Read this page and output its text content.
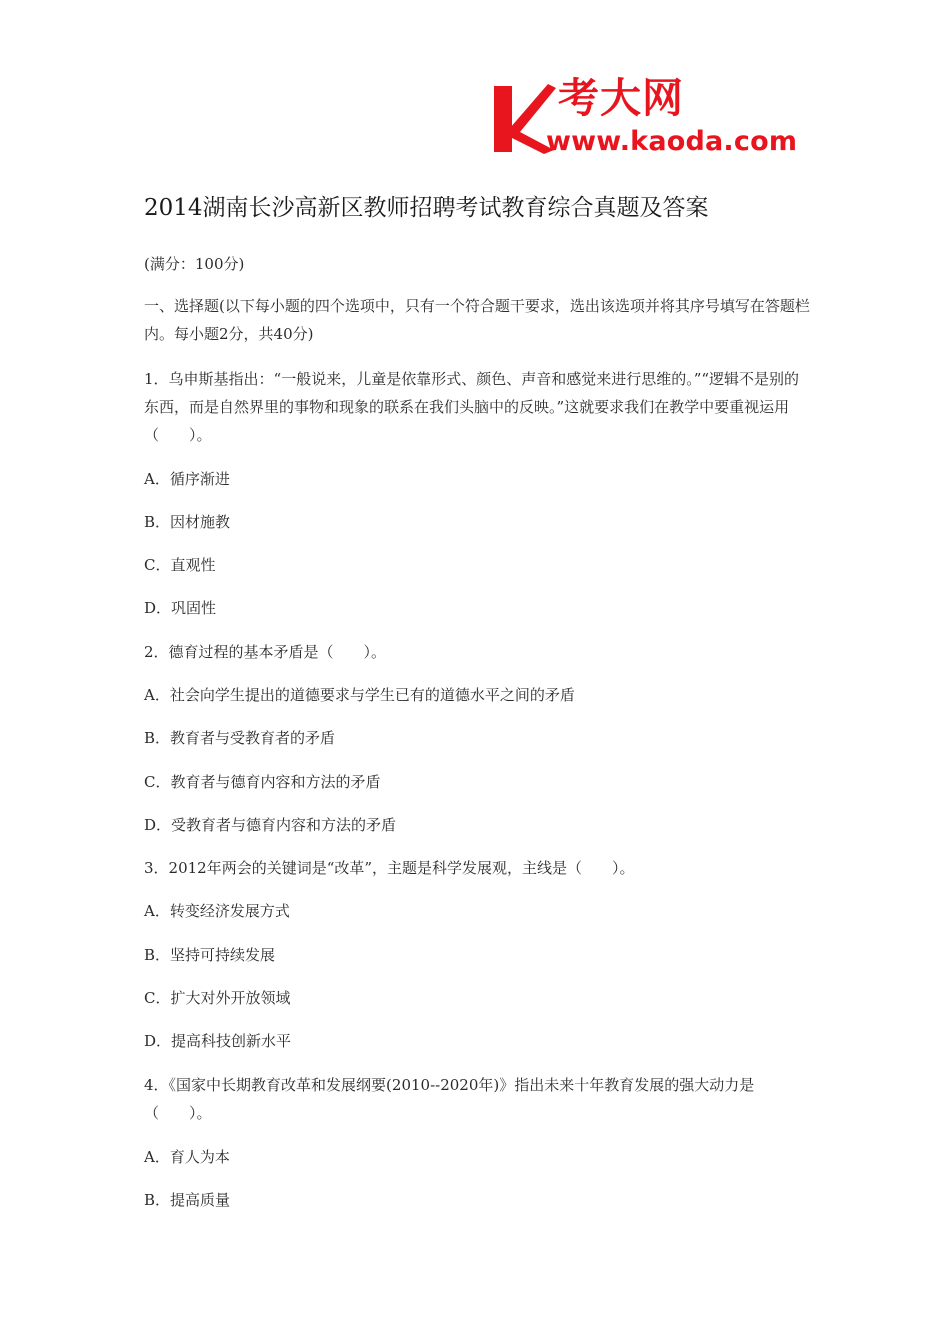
考大网
www.kaoda.com
2014湖南长沙高新区教师招聘考试教育综合真题及答案
(满分：100分)
一、选择题(以下每小题的四个选项中，只有一个符合题干要求，选出该选项并将其序号填写在答题栏内。每小题2分，共40分)
1．乌申斯基指出：“一般说来，儿童是依靠形式、颜色、声音和感觉来进行思维的。”“逻辑不是别的东西，而是自然界里的事物和现象的联系在我们头脑中的反映。”这就要求我们在教学中要重视运用（　　）。
A．循序渐进
B．因材施教
C．直观性
D．巩固性
2．德育过程的基本矛盾是（　　）。
A．社会向学生提出的道德要求与学生已有的道德水平之间的矛盾
B．教育者与受教育者的矛盾
C．教育者与德育内容和方法的矛盾
D．受教育者与德育内容和方法的矛盾
3．2012年两会的关键词是“改革”，主题是科学发展观，主线是（　　）。
A．转变经济发展方式
B．坚持可持续发展
C．扩大对外开放领域
D．提高科技创新水平
4．《国家中长期教育改革和发展纲要(2010--2020年)》指出未来十年教育发展的强大动力是（　　）。
A．育人为本
B．提高质量
